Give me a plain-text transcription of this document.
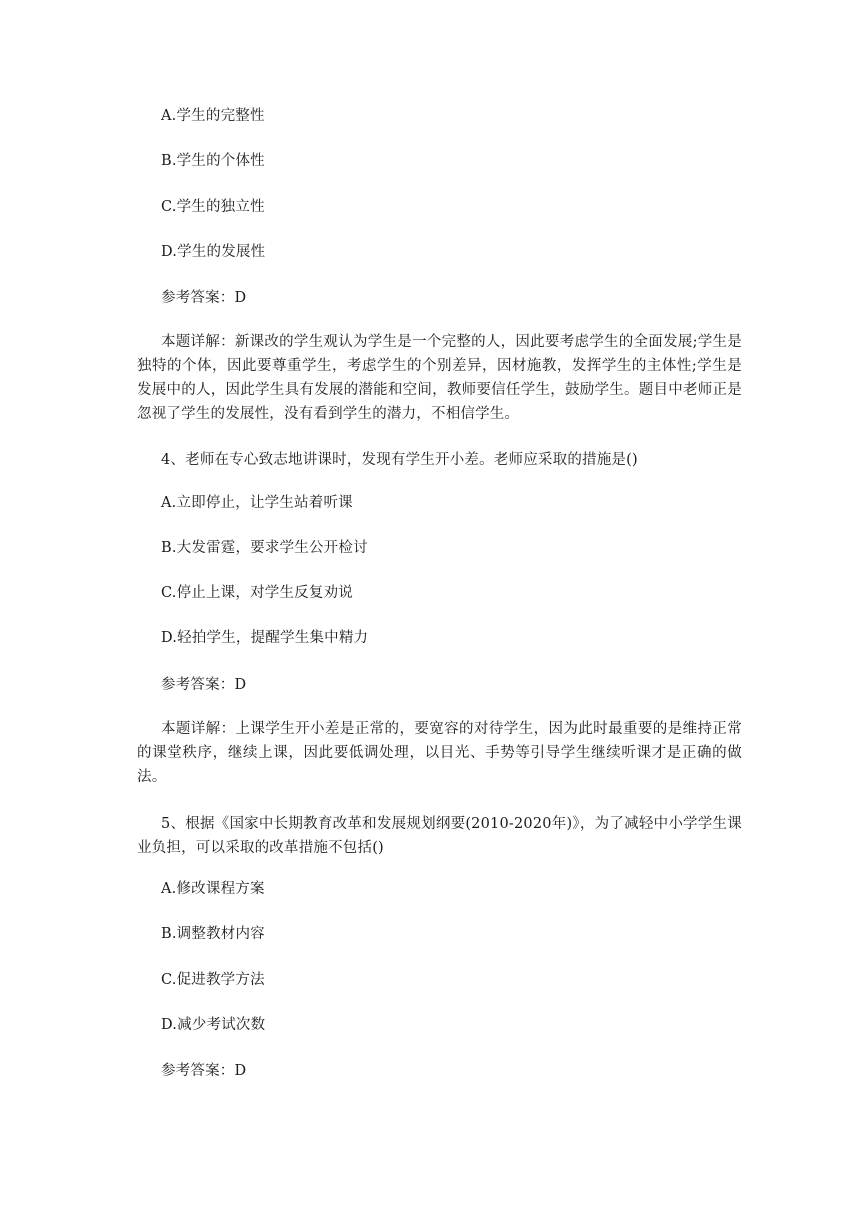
A.学生的完整性
B.学生的个体性
C.学生的独立性
D.学生的发展性
参考答案：D
本题详解：新课改的学生观认为学生是一个完整的人，因此要考虑学生的全面发展;学生是独特的个体，因此要尊重学生，考虑学生的个别差异，因材施教，发挥学生的主体性;学生是发展中的人，因此学生具有发展的潜能和空间，教师要信任学生，鼓励学生。题目中老师正是忽视了学生的发展性，没有看到学生的潜力，不相信学生。
4、老师在专心致志地讲课时，发现有学生开小差。老师应采取的措施是()
A.立即停止，让学生站着听课
B.大发雷霆，要求学生公开检讨
C.停止上课，对学生反复劝说
D.轻拍学生，提醒学生集中精力
参考答案：D
本题详解：上课学生开小差是正常的，要宽容的对待学生，因为此时最重要的是维持正常的课堂秩序，继续上课，因此要低调处理，以目光、手势等引导学生继续听课才是正确的做法。
5、根据《国家中长期教育改革和发展规划纲要(2010-2020年)》，为了减轻中小学学生课业负担，可以采取的改革措施不包括()
A.修改课程方案
B.调整教材内容
C.促进教学方法
D.减少考试次数
参考答案：D
